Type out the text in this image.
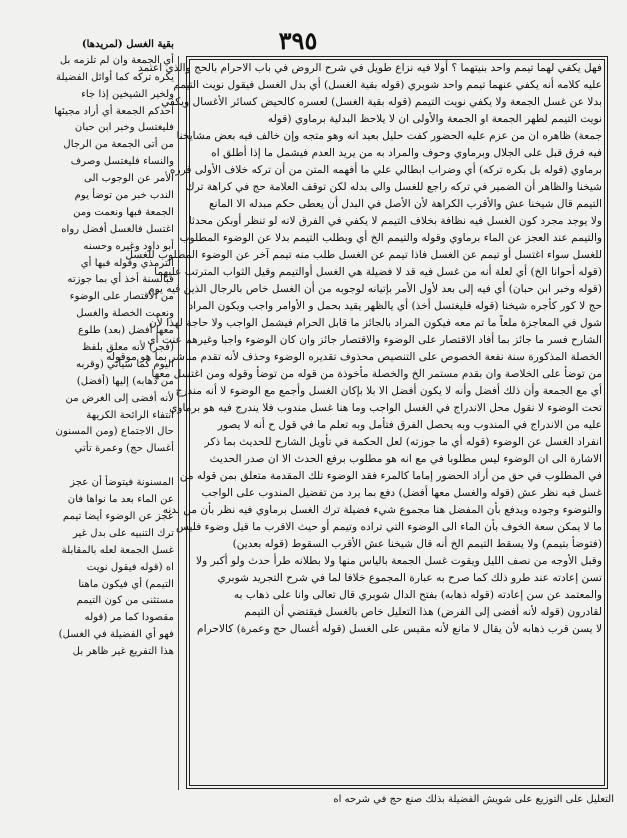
٣٩٥
فهل يكفي لهما تيمم واحد بنيتهما ؟ أولا فيه نزاع طويل في شرح الروض في باب الاحرام بالحج والذي اعتمد
عليه كلامه أنه يكفي عنهما تيمم واحد شوبري (قوله بقية الغسل) أي بدل الغسل فيقول نويت التيمم
بدلا عن غسل الجمعة ولا يكفي نويت التيمم (قوله بقية الغسل) لعسره كالحيض كسائر الأغسال ويكفي
نويت التيمم لطهر الجمعة او الجمعة والأولى ان لا يلاحظ البدلية برماوي (قوله
جمعة) ظاهره ان من عزم عليه الحضور كفت حليل بعيد انه وهو متجه وإن خالف فيه بعض مشايخنا
فيه فرق قبل على الجلال وبرماوي وحوف والمراد به من يريد العدم فيشمل ما إذا أطلق اه
برماوي (قوله بل بكره تركه) أي وضراب ابطالي علي ما أفهمه المتن من أن تركه خلاف الأولى قرره
شيخنا والظاهر أن الضمير في تركه راجع للغسل والى بدله لكن توقف العلامة حج في كراهة ترك
التيمم قال شيخنا عش والأقرب الكراهة لأن الأصل في البدل أن يعطى حكم مبدله الا المانع
ولا يوجد مجرد كون الغسل فيه نظافة بخلاف التيمم لا يكفي في الفرق لانه لو تنظر أوبكن محدثا
والتيمم عند العجز عن الماء برماوي وقوله والتيمم الخ أي وبطلب التيمم بدلا عن الوضوء المطلوب
للغسل سواء اغتسل أو تيمم عن الغسل فاذا تيمم عن الغسل طلب منه تيمم آخر عن الوضوء المطلوب للغسل
(قوله أحوانا الخ) أي لعلة أنه من غسل فيه قد لا فضيلة هي الغسل أوالتيمم وقيل الثواب المترتب عليهما
(قوله وخبر ابن حبان) أي فيه إلى بعد لأول الأمر بإتيانه لوجوبه من أن الغسل خاص بالرجال الذين فيه يوم
حج لا كور كأجره شيخنا (قوله فليغتسل أخذ) أي يالظهر يقيد بحمل و الأوامر واجب ويكون المراد
شول في المعاجزة ملعاً ما تم معه فيكون المراد بالجائز ما قابل الحرام فيشمل الواجب ولا حاجة لهذا لأن
الشارح فسر ما جائز بما أفاد الاقتصار على الوضوء والاقتصار جائز وان كان الوضوء واجبا وغيرهم عنت أي
الخصلة المذكورة سنة نفعة الخصوص على التنصيص محذوف تقديره الوضوء وحذف لأنه تقدم مباشر بما هو موقوله
من توضأ على الخلاصة وان بقدم مستمر الخ والخصلة مأخوذة من قوله من توضأ وقوله ومن اغتسل معها
أي مع الجمعة وأن ذلك أفضل وأنه لا يكون أفضل الا بلا بإكان الغسل وأجمع مع الوضوء لا أنه مندرج
تحت الوضوء لا نقول محل الاندراج في الغسل الواجب وما هنا غسل مندوب فلا يندرج فيه هو برماوي
عليه من الاندراج في المندوب وبه يحصل الفرق فتأمل وبه تعلم ما في قول ح أنه لا يصور
انفراد الغسل عن الوضوء (قوله أي ما جوزته) لعل الحكمة في تأويل الشارح للحديث بما ذكر
الاشارة الى ان الوضوء ليس مطلوبا في مع انه هو مطلوب برفع الحدث الا ان صدر الحديث
في المطلوب في حق من أراد الحضور إماما كالمرء فقد الوضوء تلك المقدمة متعلق بمن قوله من
غسل فيه نظر عش (قوله والغسل معها أفضل) دفع بما يرد من تفضيل المندوب على الواجب
والتوضوء وجوده ويدفع بأن المفضل هنا مجموع شيء فضيلة ترك الغسل برماوي فيه نظر بأن من بدنه
ما لا يمكن سعة الخوف بأن الماء الى الوضوء التي تراده وتيمم أو حيث الاقرب ما قيل وضوء فليس
(فتوضأ بتيمم) ولا يسقط التيمم الخ أنه قال شيخنا عش الأقرب السقوط (قوله بعدين)
وقبل الأوجه من نصف الليل ويقوت غسل الجمعة بالياس منها ولا بطلانه طرأ حدث ولو أكبر ولا
تسن إعادته عند طرو ذلك كما صرح به عبارة المجموع خلافا لما في شرح التجريد شوبري
والمعتمد عن سن إعادته (قوله ذهابه) بفتح الدال شوبري قال تعالى وانا على ذهاب به
لقادرون (قوله لأنه أفضى إلى الفرض) هذا التعليل خاص بالغسل فيقتضي أن التيمم
لا يسن قرب ذهابه لأن يقال لا مانع لأنه مقيس على الغسل (قوله أغسال حج وعمرة) كالاحرام
بقية الغسل (لمريدها)
أي الجمعة وان لم تلزمه بل
يكره تركه كما أوائل الفضيلة
ولخير الشيخين إذا جاء
أحدكم الجمعة أي أراد مجيئها
فليغتسل وخبر ابن حبان
من أتى الجمعة من الرجال
والنساء فليغتسل وصرف
الأمر عن الوجوب الى
الندب خبر من توضأ يوم
الجمعة فبها ونعمت ومن
اغتسل فالغسل أفضل رواه
أبو داود وغيره وحسنه
الترمذي وقوله فبها أي
فبالسنة أخذ أي بما جوزته
من الاقتصار على الوضوء
ونعمت الخصلة والغسل
معها أفضل (بعد) طلوع
(فجر) لأنه معلق بلفظ
اليوم كما سيأتي (وقربه
من ذهابه) إليها (أفضل)
لأنه أفضى إلى الغرض من
انتفاء الرائحة الكريهة
حال الاجتماع (ومن المسنون
أغسال حج) وعمرة تأتي
المسنونة فيتوضأ أن عجز
عن الماء بعد ما نواها فان
عجز عن الوضوء أيضا تيمم
ترك التنبيه على بدل غير
غسل الجمعة لعله بالمقابلة
اه (قوله فيقول نويت
التيمم) أي فيكون ماهنا
مستثنى من كون التيمم
مقصودا كما مر (قوله
فهو أي الفضيلة في الغسل)
هذا التفريع غير ظاهر بل
التعليل على التوزيع على شويش الفضيلة بذلك صنع حج في شرحه اه
